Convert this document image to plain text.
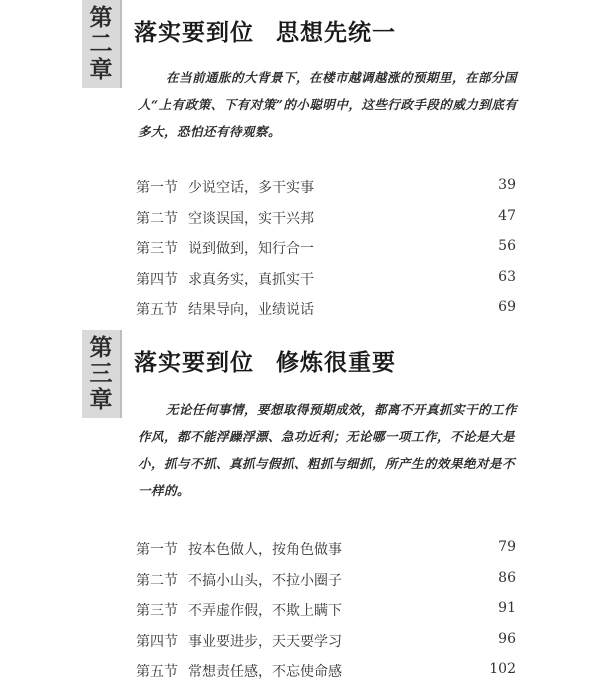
第
二
章
落实要到位 思想先统一
在当前通胀的大背景下，在楼市越调越涨的预期里，在部分国人“上有政策、下有对策”的小聪明中，这些行政手段的威力到底有多大，恐怕还有待观察。
第一节 少说空话，多干实事	39
第二节 空谈误国，实干兴邦	47
第三节 说到做到，知行合一	56
第四节 求真务实，真抓实干	63
第五节 结果导向，业绩说话	69
第
三
章
落实要到位 修炼很重要
无论任何事情，要想取得预期成效，都离不开真抓实干的工作作风，都不能浮躁浮漂、急功近利；无论哪一项工作，不论是大是小，抓与不抓、真抓与假抓、粗抓与细抓，所产生的效果绝对是不一样的。
第一节 按本色做人，按角色做事	79
第二节 不搞小山头，不拉小圈子	86
第三节 不弄虚作假，不欺上瞒下	91
第四节 事业要进步，天天要学习	96
第五节 常想责任感，不忘使命感	102
